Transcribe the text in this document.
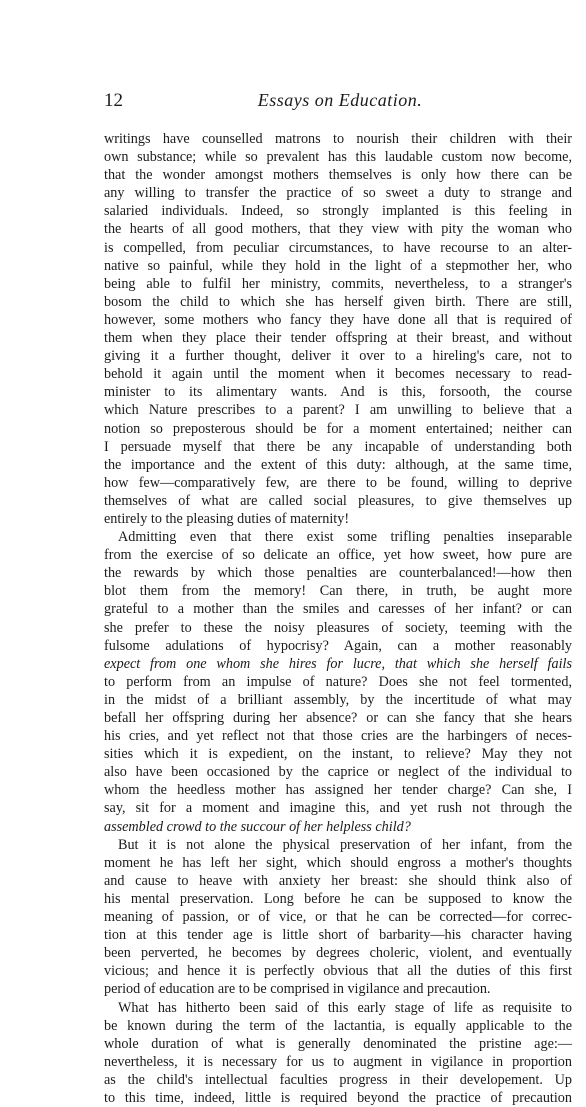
12	Essays on Education.
writings have counselled matrons to nourish their children with their
own substance; while so prevalent has this laudable custom now become,
that the wonder amongst mothers themselves is only how there can be
any willing to transfer the practice of so sweet a duty to strange and
salaried individuals. Indeed, so strongly implanted is this feeling in
the hearts of all good mothers, that they view with pity the woman who
is compelled, from peculiar circumstances, to have recourse to an alter-
native so painful, while they hold in the light of a stepmother her, who
being able to fulfil her ministry, commits, nevertheless, to a stranger's
bosom the child to which she has herself given birth. There are still,
however, some mothers who fancy they have done all that is required of
them when they place their tender offspring at their breast, and without
giving it a further thought, deliver it over to a hireling's care, not to
behold it again until the moment when it becomes necessary to read-
minister to its alimentary wants. And is this, forsooth, the course
which Nature prescribes to a parent? I am unwilling to believe that a
notion so preposterous should be for a moment entertained; neither can
I persuade myself that there be any incapable of understanding both
the importance and the extent of this duty: although, at the same time,
how few—comparatively few, are there to be found, willing to deprive
themselves of what are called social pleasures, to give themselves up
entirely to the pleasing duties of maternity!
Admitting even that there exist some trifling penalties inseparable
from the exercise of so delicate an office, yet how sweet, how pure are
the rewards by which those penalties are counterbalanced!—how then
blot them from the memory! Can there, in truth, be aught more
grateful to a mother than the smiles and caresses of her infant? or can
she prefer to these the noisy pleasures of society, teeming with the
fulsome adulations of hypocrisy? Again, can a mother reasonably
expect from one whom she hires for lucre, that which she herself fails
to perform from an impulse of nature? Does she not feel tormented,
in the midst of a brilliant assembly, by the incertitude of what may
befall her offspring during her absence? or can she fancy that she hears
his cries, and yet reflect not that those cries are the harbingers of neces-
sities which it is expedient, on the instant, to relieve? May they not
also have been occasioned by the caprice or neglect of the individual to
whom the heedless mother has assigned her tender charge? Can she, I
say, sit for a moment and imagine this, and yet rush not through the
assembled crowd to the succour of her helpless child?
But it is not alone the physical preservation of her infant, from the
moment he has left her sight, which should engross a mother's thoughts
and cause to heave with anxiety her breast: she should think also of
his mental preservation. Long before he can be supposed to know the
meaning of passion, or of vice, or that he can be corrected—for correc-
tion at this tender age is little short of barbarity—his character having
been perverted, he becomes by degrees choleric, violent, and eventually
vicious; and hence it is perfectly obvious that all the duties of this first
period of education are to be comprised in vigilance and precaution.
What has hitherto been said of this early stage of life as requisite to
be known during the term of the lactantia, is equally applicable to the
whole duration of what is generally denominated the pristine age:—
nevertheless, it is necessary for us to augment in vigilance in proportion
as the child's intellectual faculties progress in their developement. Up
to this time, indeed, little is required beyond the practice of precaution
